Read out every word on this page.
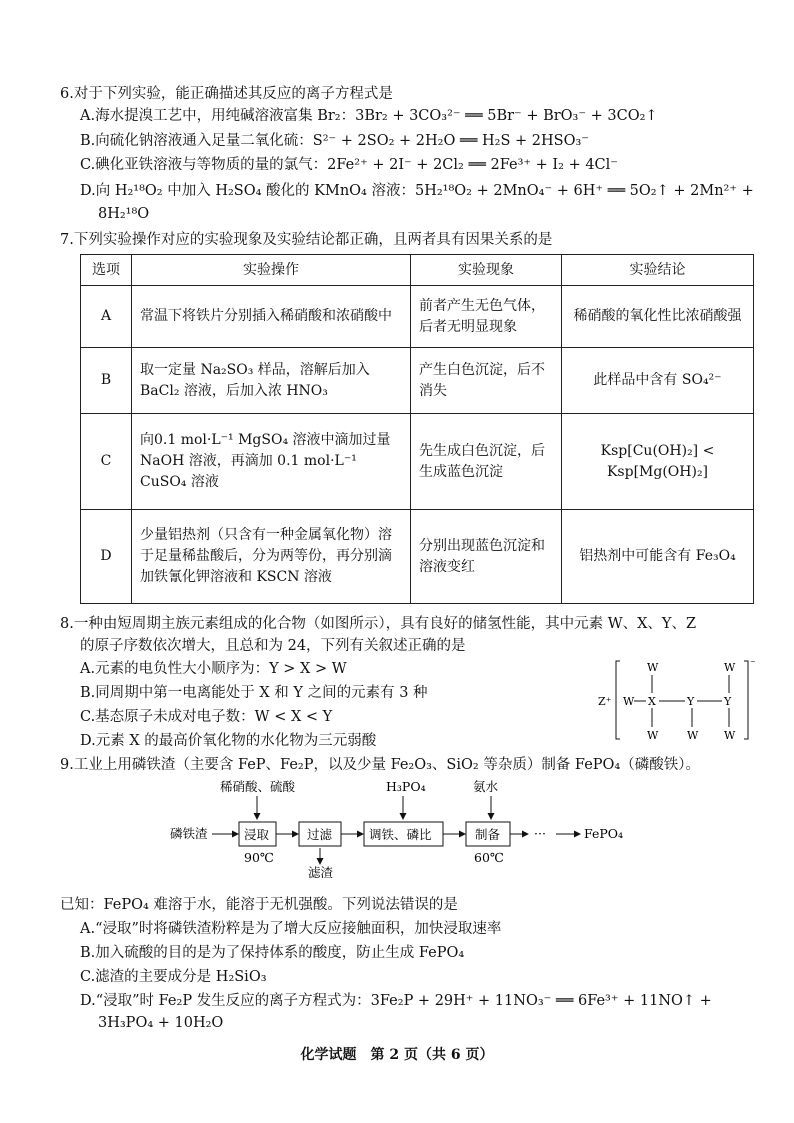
6.对于下列实验，能正确描述其反应的离子方程式是
A.海水提溴工艺中，用纯碱溶液富集 Br₂：3Br₂ + 3CO₃²⁻ ══ 5Br⁻ + BrO₃⁻ + 3CO₂↑
B.向硫化钠溶液通入足量二氧化硫：S²⁻ + 2SO₂ + 2H₂O ══ H₂S + 2HSO₃⁻
C.碘化亚铁溶液与等物质的量的氯气：2Fe²⁺ + 2I⁻ + 2Cl₂ ══ 2Fe³⁺ + I₂ + 4Cl⁻
D.向 H₂¹⁸O₂ 中加入 H₂SO₄ 酸化的 KMnO₄ 溶液：5H₂¹⁸O₂ + 2MnO₄⁻ + 6H⁺ ══ 5O₂↑ + 2Mn²⁺ +
8H₂¹⁸O
7.下列实验操作对应的实验现象及实验结论都正确，且两者具有因果关系的是
选项	实验操作	实验现象	实验结论
A	常温下将铁片分别插入稀硝酸和浓硝酸中	前者产生无色气体，后者无明显现象	稀硝酸的氧化性比浓硝酸强
B	取一定量 Na₂SO₃ 样品，溶解后加入 BaCl₂ 溶液，后加入浓 HNO₃	产生白色沉淀，后不消失	此样品中含有 SO₄²⁻
C	向0.1 mol·L⁻¹ MgSO₄ 溶液中滴加过量 NaOH 溶液，再滴加 0.1 mol·L⁻¹ CuSO₄ 溶液	先生成白色沉淀，后生成蓝色沉淀	Ksp[Cu(OH)₂] < Ksp[Mg(OH)₂]
D	少量铝热剂（只含有一种金属氧化物）溶于足量稀盐酸后，分为两等份，再分别滴加铁氰化钾溶液和 KSCN 溶液	分别出现蓝色沉淀和溶液变红	铝热剂中可能含有 Fe₃O₄
8.一种由短周期主族元素组成的化合物（如图所示），具有良好的储氢性能，其中元素 W、X、Y、Z
的原子序数依次增大，且总和为 24，下列有关叙述正确的是
A.元素的电负性大小顺序为：Y > X > W
B.同周期中第一电离能处于 X 和 Y 之间的元素有 3 种
C.基态原子未成对电子数：W < X < Y
D.元素 X 的最高价氧化物的水化物为三元弱酸
Z⁺
⁻
W	W
W X	Y	Y
W	W W
9.工业上用磷铁渣（主要含 FeP、Fe₂P，以及少量 Fe₂O₃、SiO₂ 等杂质）制备 FePO₄（磷酸铁）。
稀硝酸、硫酸	H₃PO₄	氨水
磷铁渣	浸取	过滤	调铁、磷比	制备	···	FePO₄
90℃	60℃
滤渣
已知：FePO₄ 难溶于水，能溶于无机强酸。下列说法错误的是
A.“浸取”时将磷铁渣粉粹是为了增大反应接触面积，加快浸取速率
B.加入硫酸的目的是为了保持体系的酸度，防止生成 FePO₄
C.滤渣的主要成分是 H₂SiO₃
D.“浸取”时 Fe₂P 发生反应的离子方程式为：3Fe₂P + 29H⁺ + 11NO₃⁻ ══ 6Fe³⁺ + 11NO↑ +
3H₃PO₄ + 10H₂O
化学试题　第 2 页（共 6 页）
